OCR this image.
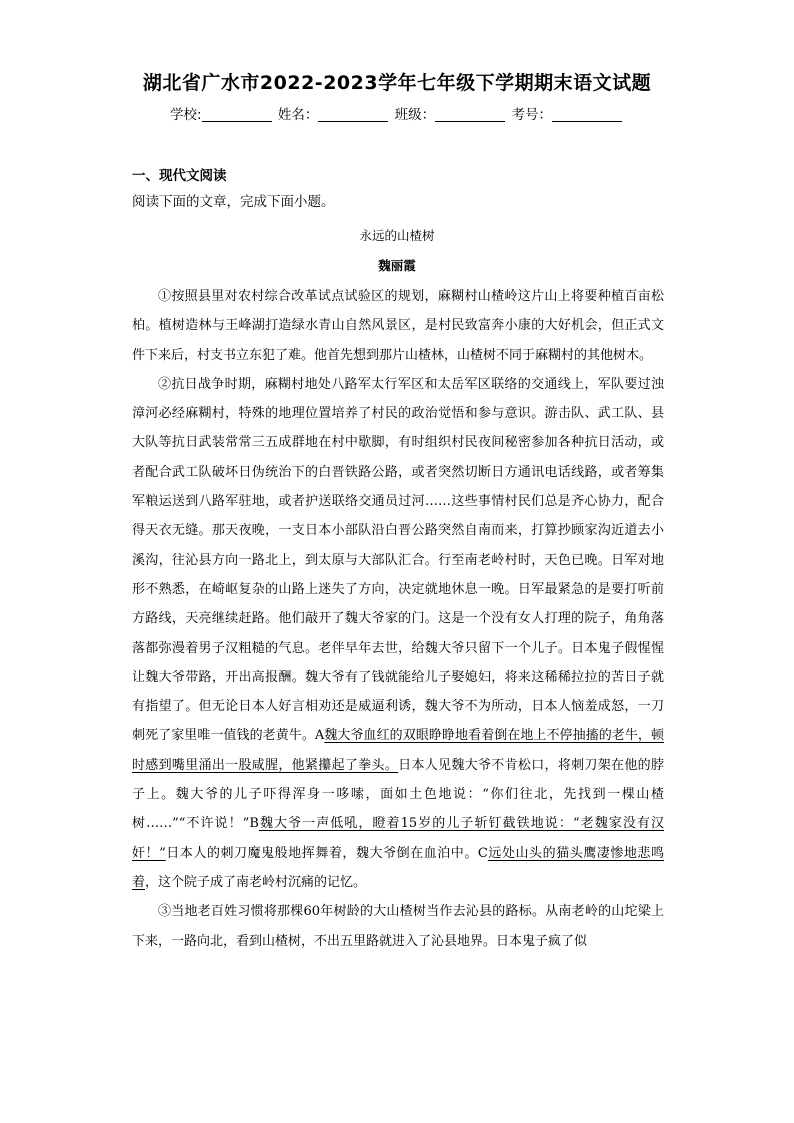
湖北省广水市2022-2023学年七年级下学期期末语文试题
学校:	姓名：	班级：	考号：
一、现代文阅读
阅读下面的文章，完成下面小题。
永远的山楂树
魏丽霞

①按照县里对农村综合改革试点试验区的规划，麻糊村山楂岭这片山上将要种植百亩松柏。植树造林与王峰湖打造绿水青山自然风景区，是村民致富奔小康的大好机会，但正式文件下来后，村支书立东犯了难。他首先想到那片山楂林，山楂树不同于麻糊村的其他树木。

②抗日战争时期，麻糊村地处八路军太行军区和太岳军区联络的交通线上，军队要过浊漳河必经麻糊村，特殊的地理位置培养了村民的政治觉悟和参与意识。游击队、武工队、县大队等抗日武装常常三五成群地在村中歇脚，有时组织村民夜间秘密参加各种抗日活动，或者配合武工队破坏日伪统治下的白晋铁路公路，或者突然切断日方通讯电话线路，或者筹集军粮运送到八路军驻地，或者护送联络交通员过河……这些事情村民们总是齐心协力，配合得天衣无缝。那天夜晚，一支日本小部队沿白晋公路突然自南而来，打算抄顾家沟近道去小溪沟，往沁县方向一路北上，到太原与大部队汇合。行至南老岭村时，天色已晚。日军对地形不熟悉，在崎岖复杂的山路上迷失了方向，决定就地休息一晚。日军最紧急的是要打听前方路线，天亮继续赶路。他们敲开了魏大爷家的门。这是一个没有女人打理的院子，角角落落都弥漫着男子汉粗糙的气息。老伴早年去世，给魏大爷只留下一个儿子。日本鬼子假惺惺让魏大爷带路，开出高报酬。魏大爷有了钱就能给儿子娶媳妇，将来这稀稀拉拉的苦日子就有指望了。但无论日本人好言相劝还是威逼利诱，魏大爷不为所动，日本人恼羞成怒，一刀刺死了家里唯一值钱的老黄牛。A魏大爷血红的双眼睁睁地看着倒在地上不停抽搐的老牛，顿时感到嘴里涌出一股咸腥，他紧攥起了拳头。日本人见魏大爷不肯松口，将刺刀架在他的脖子上。魏大爷的儿子吓得浑身一哆嗦，面如土色地说：“你们往北，先找到一棵山楂树……”“不许说！”B魏大爷一声低吼，瞪着15岁的儿子斩钉截铁地说：“老魏家没有汉奸！”日本人的刺刀魔鬼般地挥舞着，魏大爷倒在血泊中。C远处山头的猫头鹰凄惨地悲鸣着，这个院子成了南老岭村沉痛的记忆。

③当地老百姓习惯将那棵60年树龄的大山楂树当作去沁县的路标。从南老岭的山坨梁上下来，一路向北，看到山楂树，不出五里路就进入了沁县地界。日本鬼子疯了似
